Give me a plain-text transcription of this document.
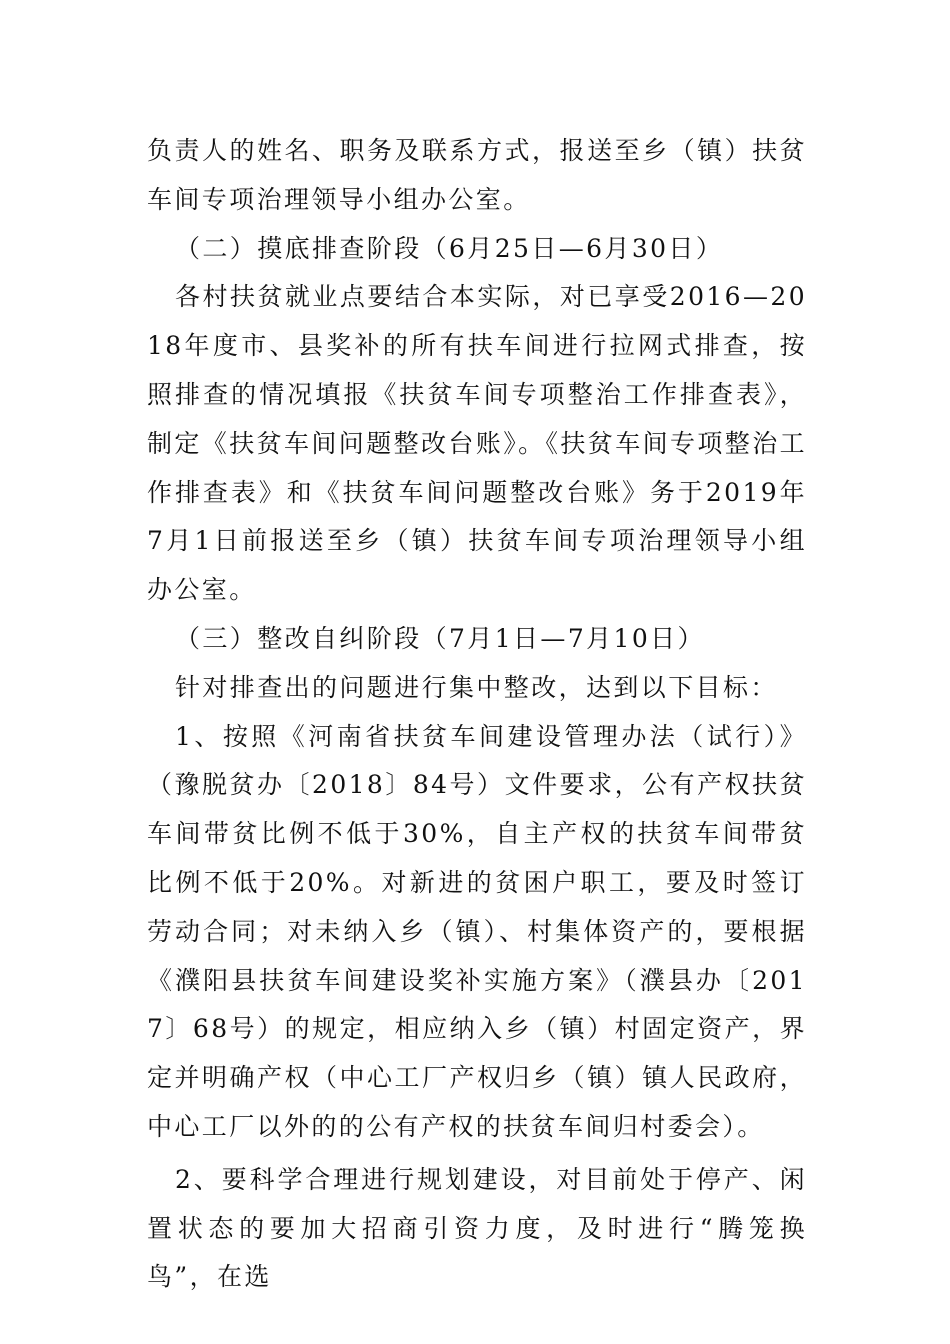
负责人的姓名、职务及联系方式，报送至乡（镇）扶贫车间专项治理领导小组办公室。

（二）摸底排查阶段（6月25日—6月30日）

各村扶贫就业点要结合本实际，对已享受2016—2018年度市、县奖补的所有扶车间进行拉网式排查，按照排查的情况填报《扶贫车间专项整治工作排查表》，制定《扶贫车间问题整改台账》。《扶贫车间专项整治工作排查表》和《扶贫车间问题整改台账》务于2019年7月1日前报送至乡（镇）扶贫车间专项治理领导小组办公室。

（三）整改自纠阶段（7月1日—7月10日）

针对排查出的问题进行集中整改，达到以下目标：

1、按照《河南省扶贫车间建设管理办法（试行）》（豫脱贫办〔2018〕84号）文件要求，公有产权扶贫车间带贫比例不低于30%，自主产权的扶贫车间带贫比例不低于20%。对新进的贫困户职工，要及时签订劳动合同；对未纳入乡（镇）、村集体资产的，要根据《濮阳县扶贫车间建设奖补实施方案》（濮县办〔2017〕68号）的规定，相应纳入乡（镇）村固定资产，界定并明确产权（中心工厂产权归乡（镇）镇人民政府，中心工厂以外的的公有产权的扶贫车间归村委会）。

2、要科学合理进行规划建设，对目前处于停产、闲置状态的要加大招商引资力度，及时进行“腾笼换鸟”，在选
